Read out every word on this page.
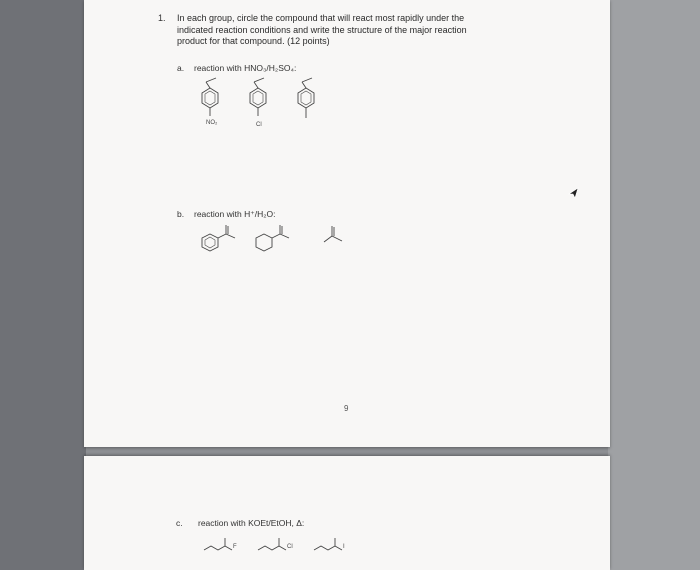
1. In each group, circle the compound that will react most rapidly under the
indicated reaction conditions and write the structure of the major reaction
product for that compound. (12 points)
a. reaction with HNO₃/H₂SO₄:
NO₂	Cl
b. reaction with H⁺/H₂O:
9
c. reaction with KOEt/EtOH, Δ:
F	Cl	I
